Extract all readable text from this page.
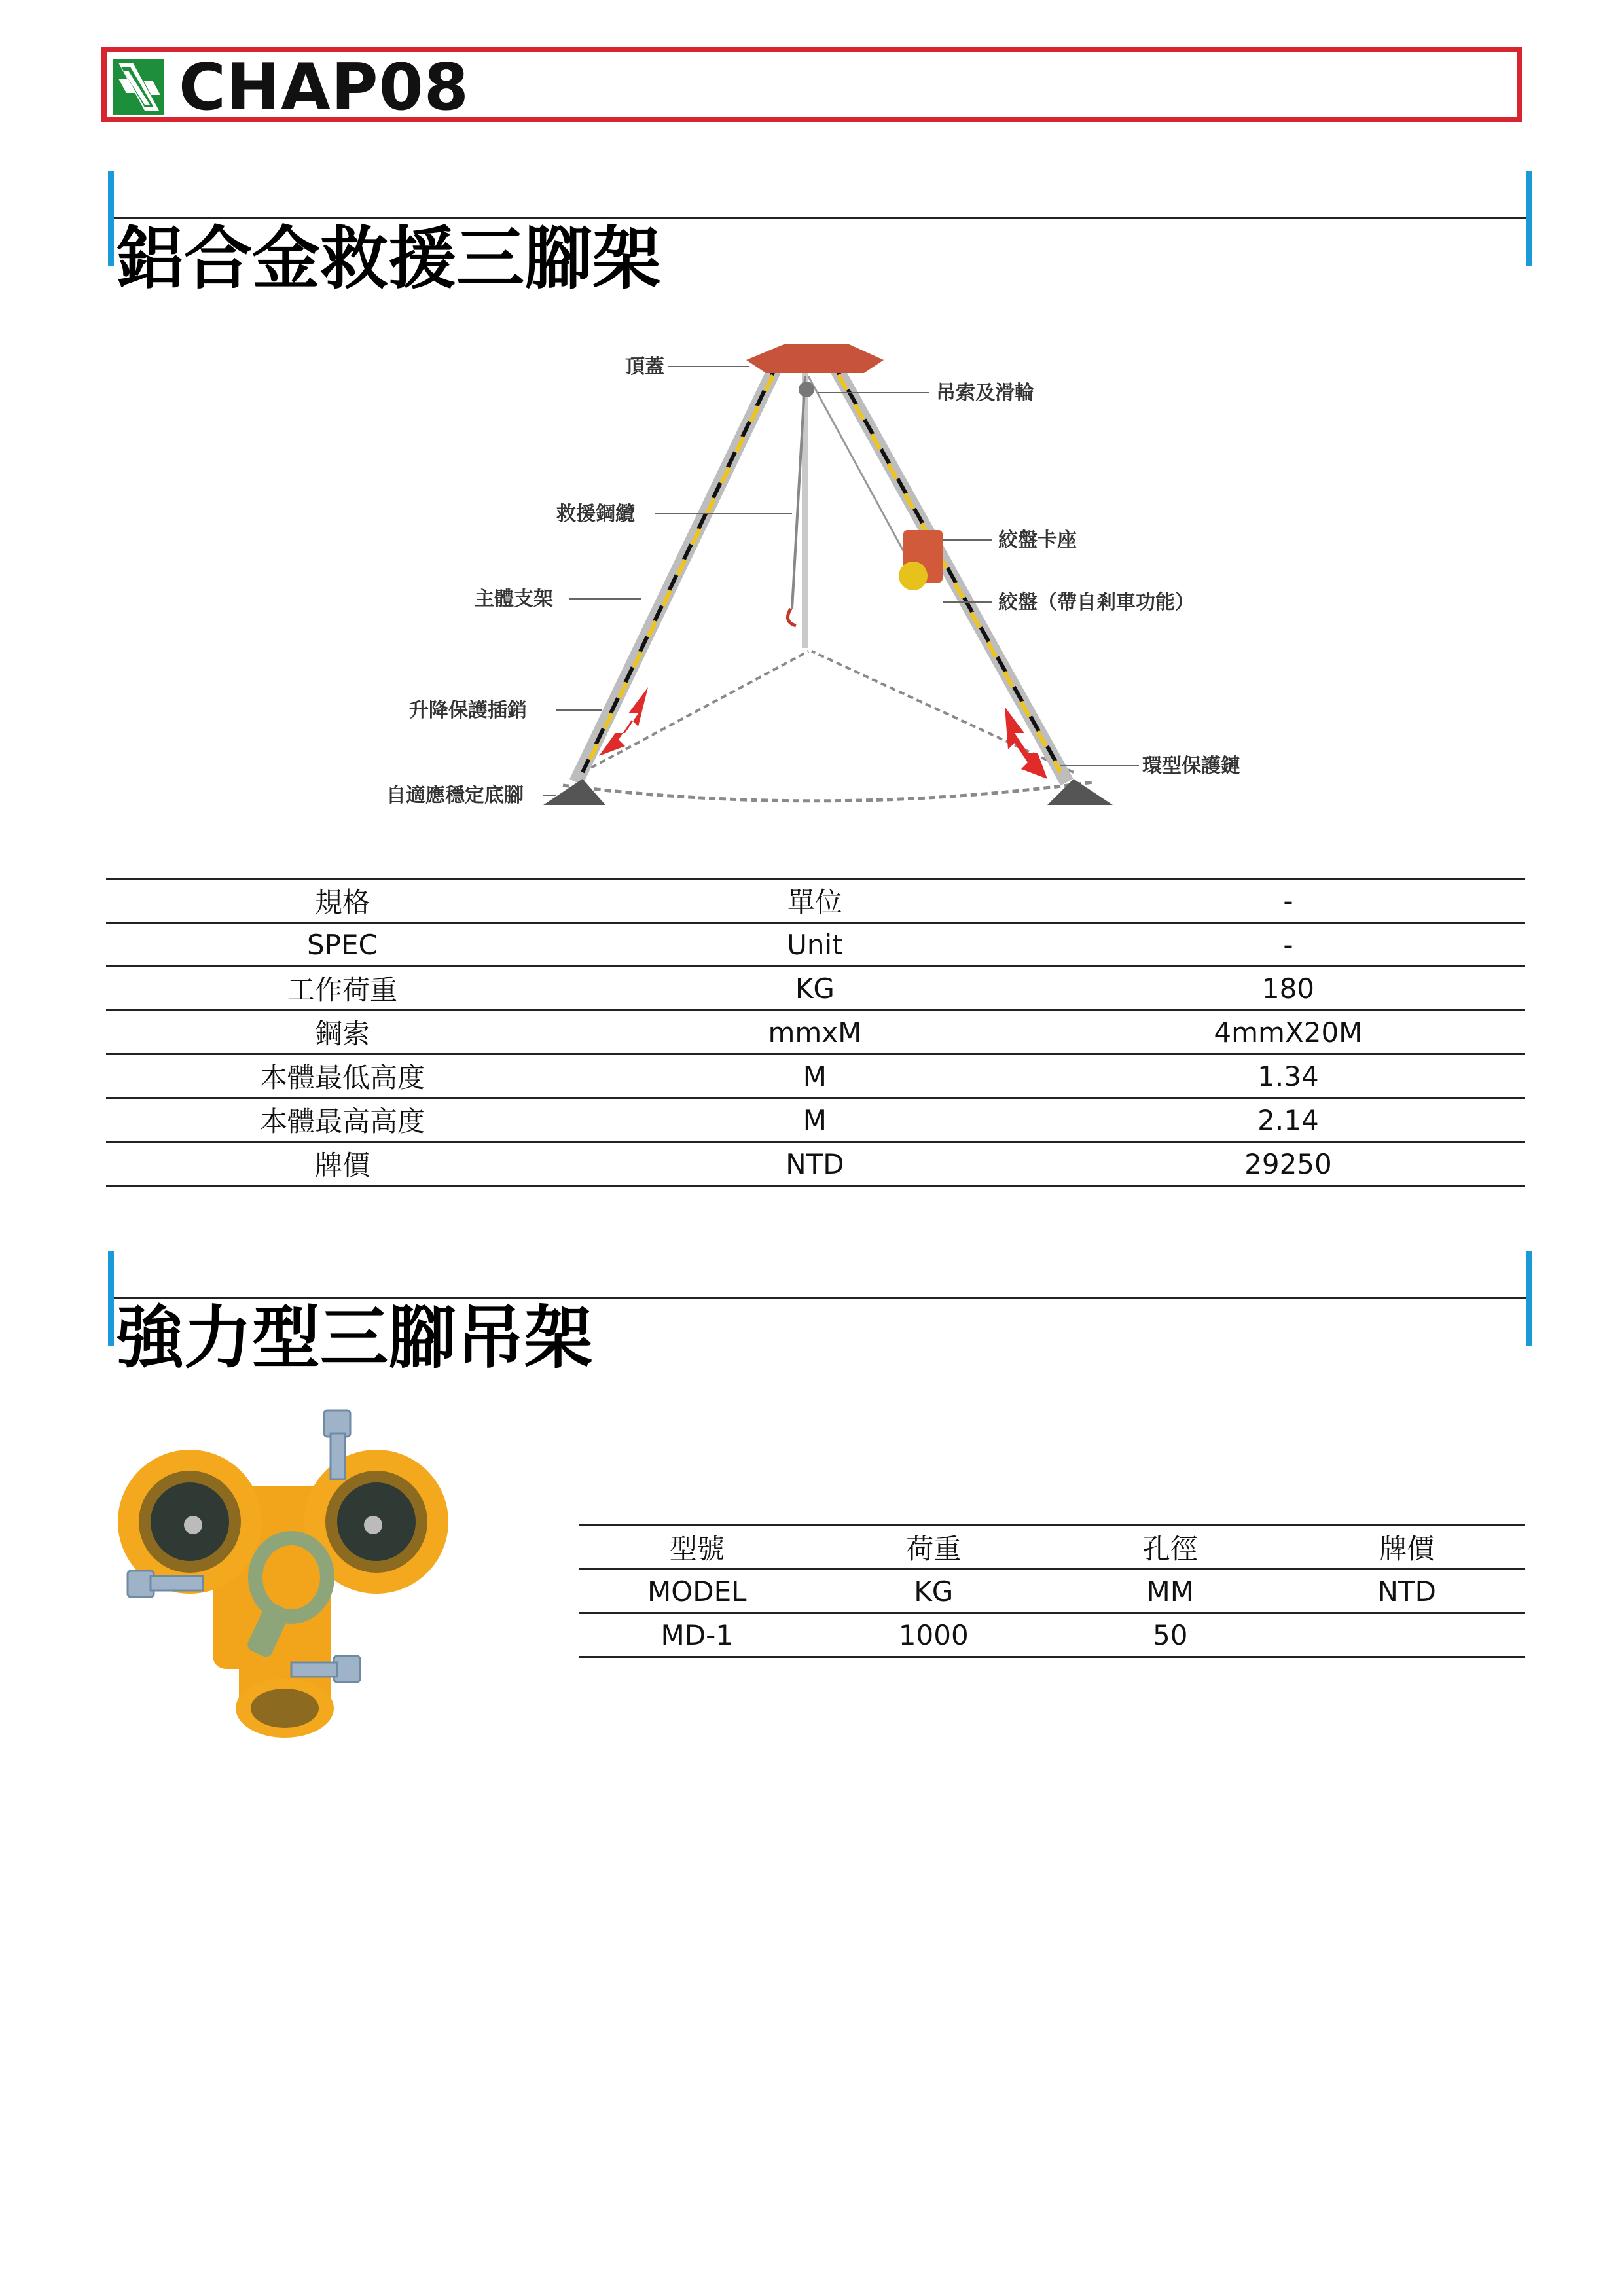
CHAP08
鋁合金救援三腳架
頂蓋
吊索及滑輪
救援鋼纜
絞盤卡座
主體支架	絞盤（帶自剎車功能）
升降保護插銷
環型保護鏈
自適應穩定底腳
規格	單位	-
SPEC	Unit	-
工作荷重	KG	180
鋼索	mmxM	4mmX20M
本體最低高度	M	1.34
本體最高高度	M	2.14
牌價	NTD	29250
強力型三腳吊架
型號	荷重	孔徑	牌價
MODEL	KG	MM	NTD
MD-1	1000	50	
